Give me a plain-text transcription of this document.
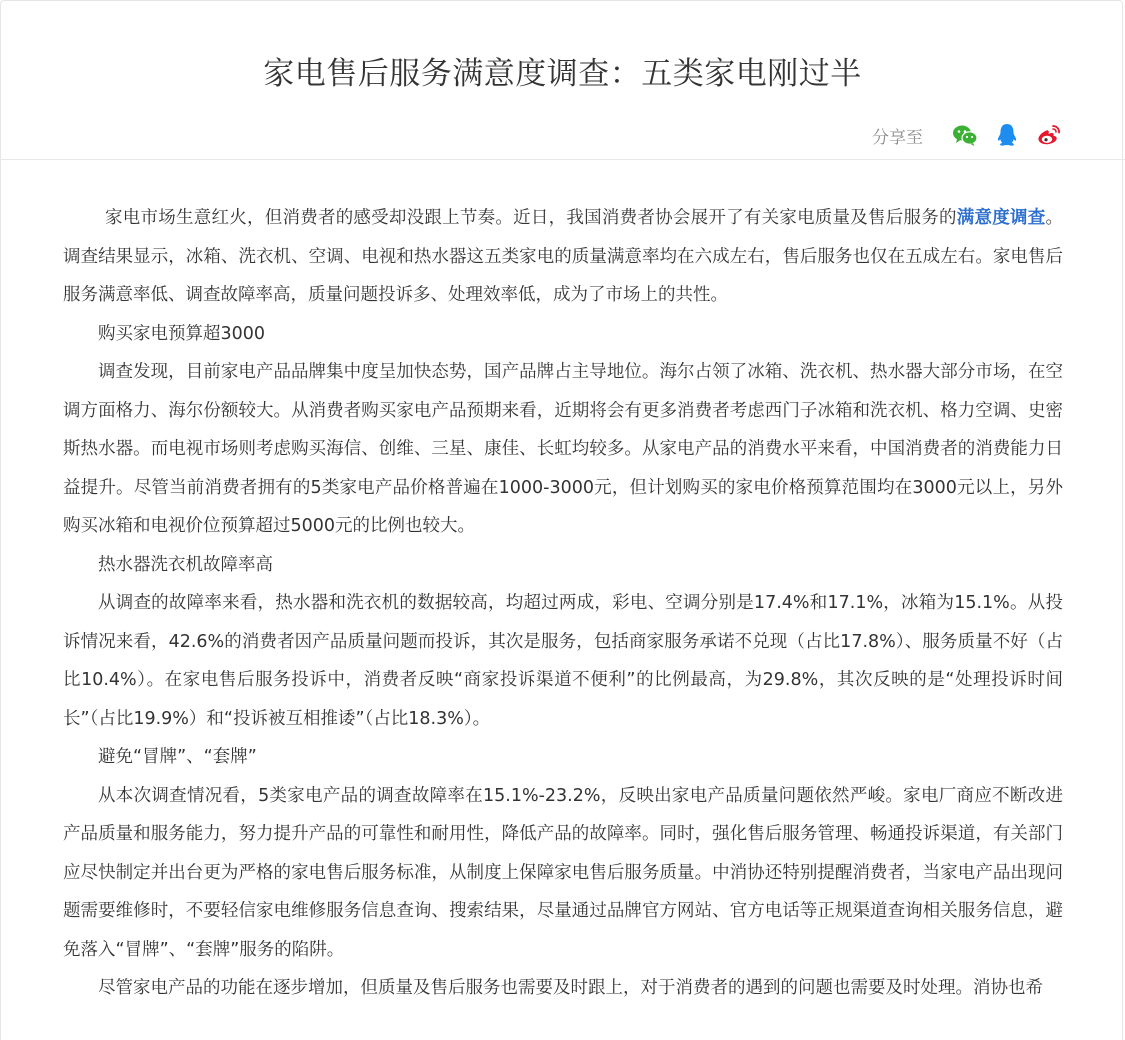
家电售后服务满意度调查：五类家电刚过半
分享至

家电市场生意红火，但消费者的感受却没跟上节奏。近日，我国消费者协会展开了有关家电质量及售后服务的满意度调查。调查结果显示，冰箱、洗衣机、空调、电视和热水器这五类家电的质量满意率均在六成左右，售后服务也仅在五成左右。家电售后服务满意率低、调查故障率高，质量问题投诉多、处理效率低，成为了市场上的共性。

购买家电预算超3000

调查发现，目前家电产品品牌集中度呈加快态势，国产品牌占主导地位。海尔占领了冰箱、洗衣机、热水器大部分市场，在空调方面格力、海尔份额较大。从消费者购买家电产品预期来看，近期将会有更多消费者考虑西门子冰箱和洗衣机、格力空调、史密斯热水器。而电视市场则考虑购买海信、创维、三星、康佳、长虹均较多。从家电产品的消费水平来看，中国消费者的消费能力日益提升。尽管当前消费者拥有的5类家电产品价格普遍在1000-3000元，但计划购买的家电价格预算范围均在3000元以上，另外购买冰箱和电视价位预算超过5000元的比例也较大。

热水器洗衣机故障率高

从调查的故障率来看，热水器和洗衣机的数据较高，均超过两成，彩电、空调分别是17.4%和17.1%，冰箱为15.1%。从投诉情况来看，42.6%的消费者因产品质量问题而投诉，其次是服务，包括商家服务承诺不兑现（占比17.8%）、服务质量不好（占比10.4%）。在家电售后服务投诉中，消费者反映“商家投诉渠道不便利”的比例最高，为29.8%，其次反映的是“处理投诉时间长”（占比19.9%）和“投诉被互相推诿”（占比18.3%）。

避免“冒牌”、“套牌”

从本次调查情况看，5类家电产品的调查故障率在15.1%-23.2%，反映出家电产品质量问题依然严峻。家电厂商应不断改进产品质量和服务能力，努力提升产品的可靠性和耐用性，降低产品的故障率。同时，强化售后服务管理、畅通投诉渠道，有关部门应尽快制定并出台更为严格的家电售后服务标准，从制度上保障家电售后服务质量。中消协还特别提醒消费者，当家电产品出现问题需要维修时，不要轻信家电维修服务信息查询、搜索结果，尽量通过品牌官方网站、官方电话等正规渠道查询相关服务信息，避免落入“冒牌”、“套牌”服务的陷阱。

尽管家电产品的功能在逐步增加，但质量及售后服务也需要及时跟上，对于消费者的遇到的问题也需要及时处理。消协也希
